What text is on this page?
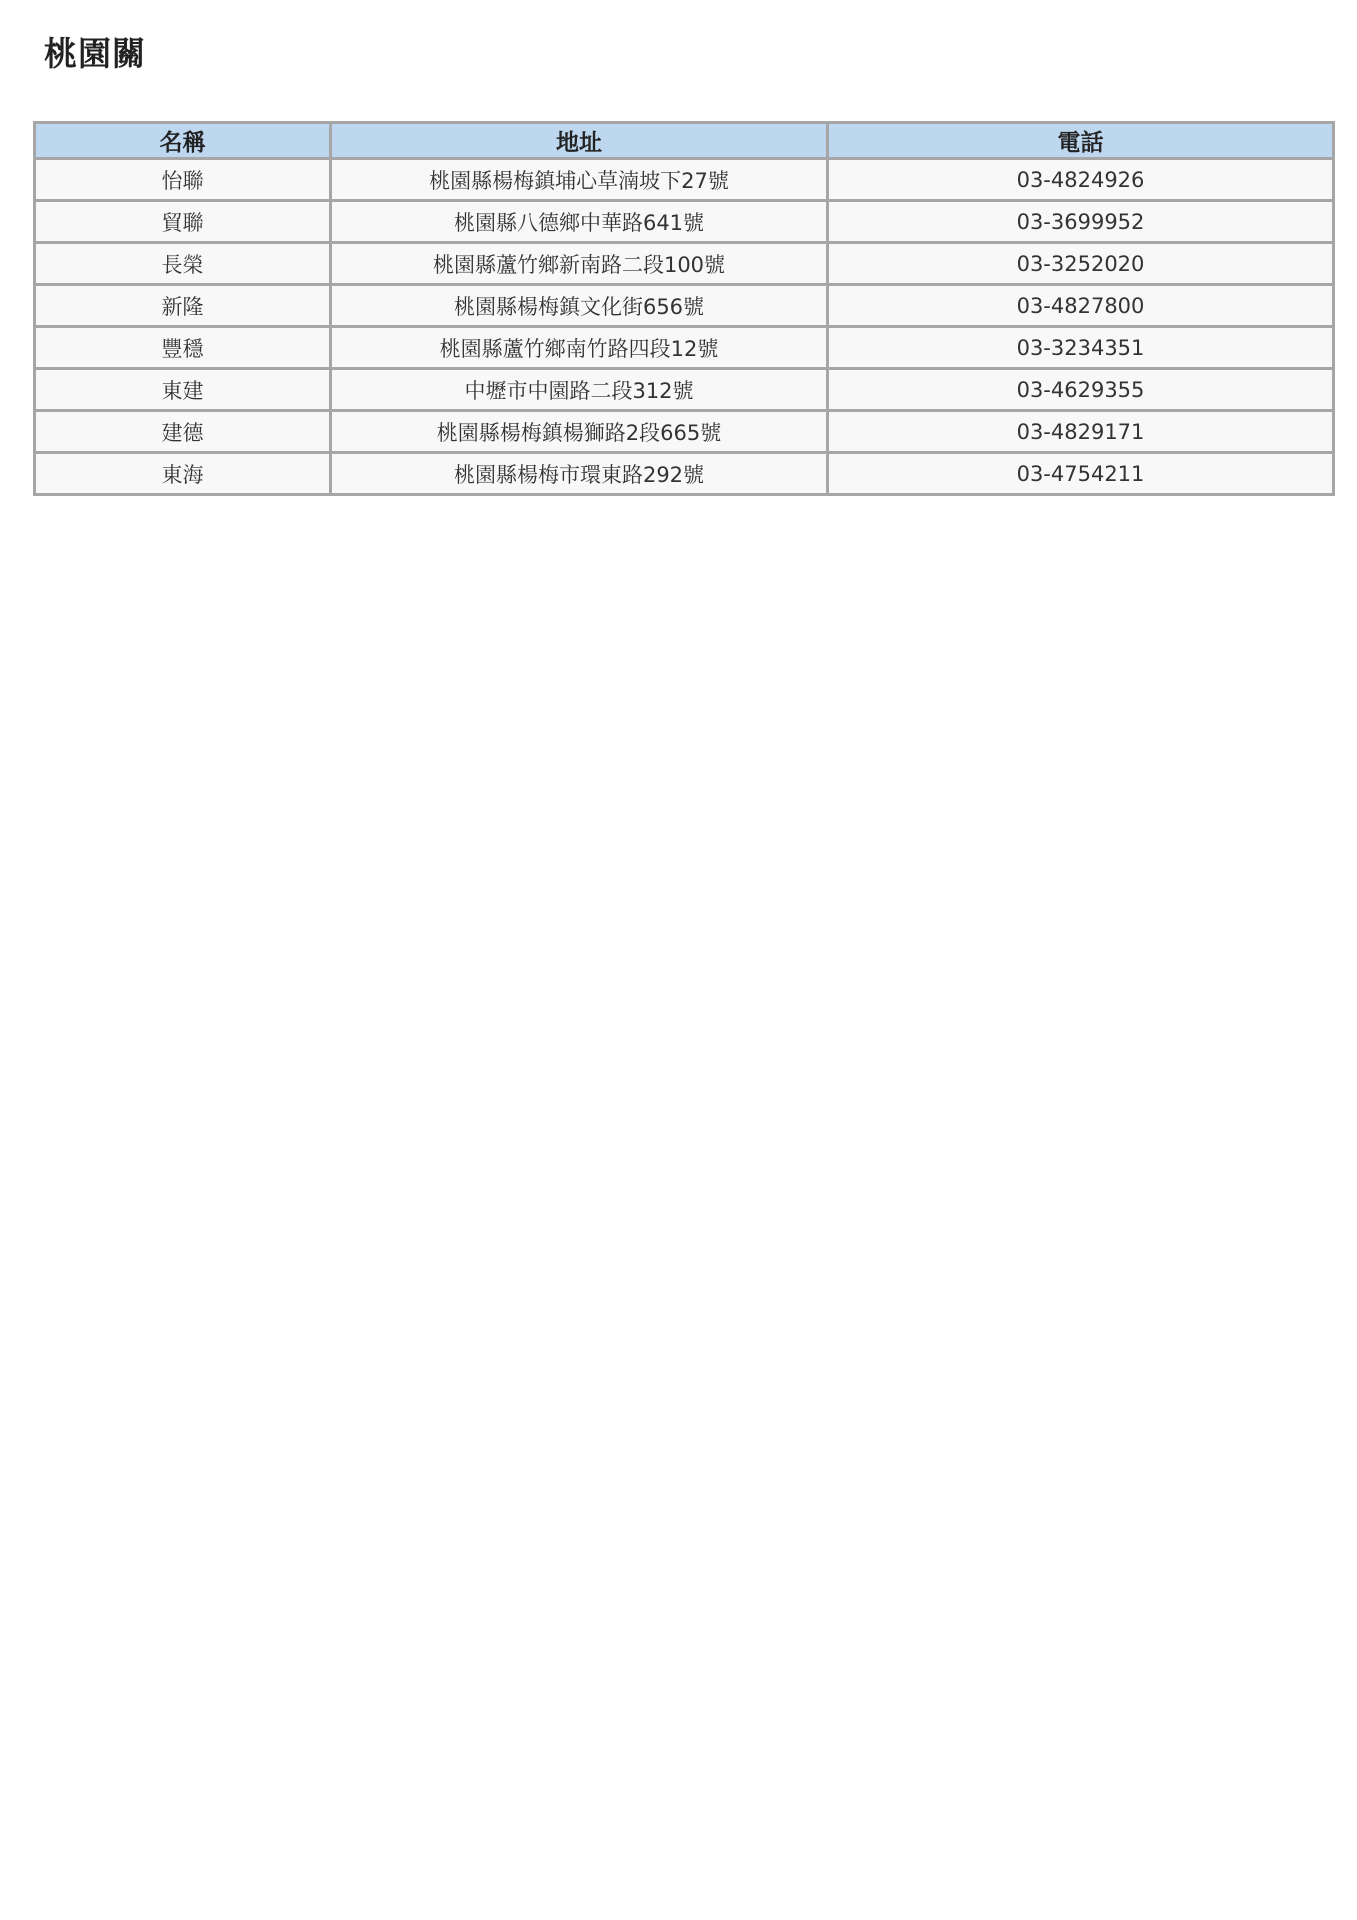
桃園關
名稱	地址	電話
怡聯	桃園縣楊梅鎮埔心草湳坡下27號	03-4824926
貿聯	桃園縣八德鄉中華路641號	03-3699952
長榮	桃園縣蘆竹鄉新南路二段100號	03-3252020
新隆	桃園縣楊梅鎮文化街656號	03-4827800
豐穩	桃園縣蘆竹鄉南竹路四段12號	03-3234351
東建	中壢市中園路二段312號	03-4629355
建德	桃園縣楊梅鎮楊獅路2段665號	03-4829171
東海	桃園縣楊梅市環東路292號	03-4754211
